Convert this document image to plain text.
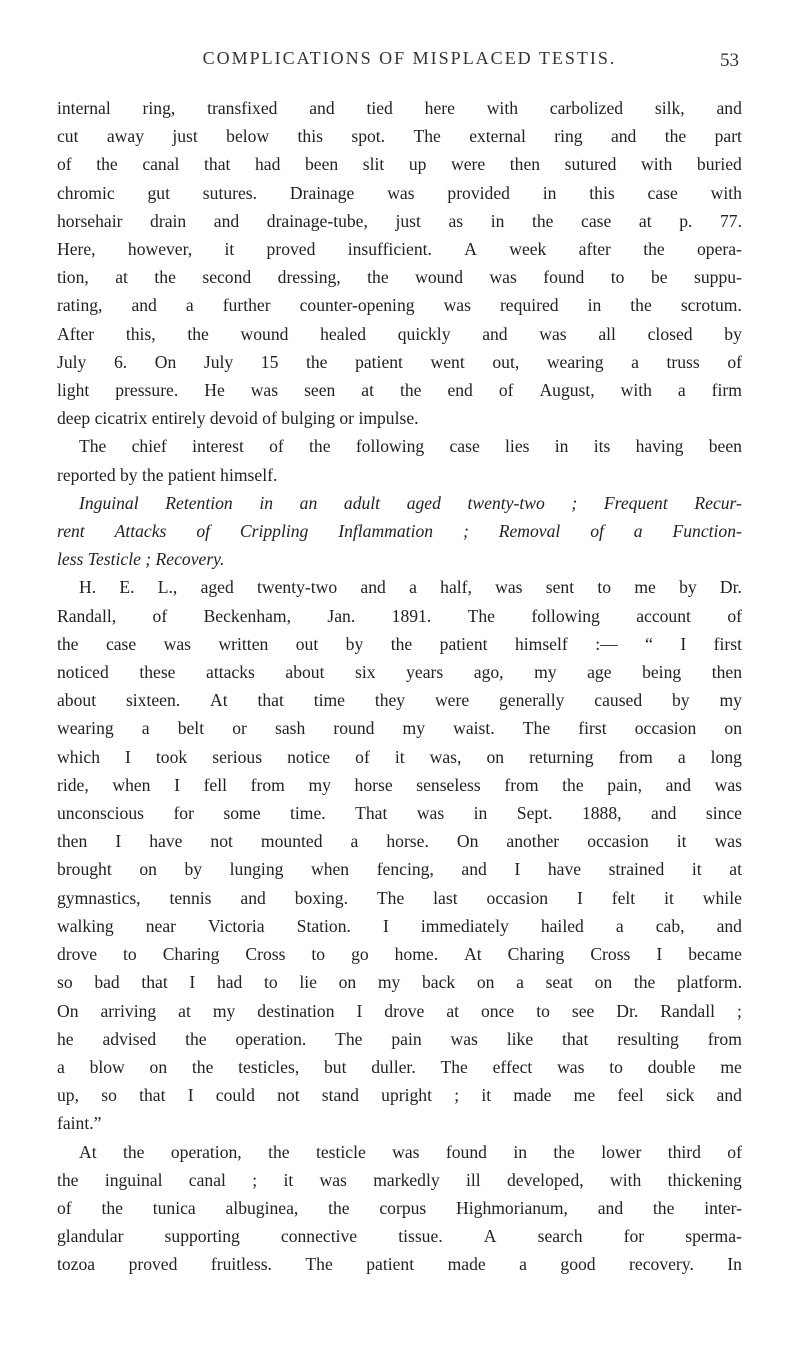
COMPLICATIONS OF MISPLACED TESTIS.	53
internal ring, transfixed and tied here with carbolized silk, and
cut away just below this spot. The external ring and the part
of the canal that had been slit up were then sutured with buried
chromic gut sutures. Drainage was provided in this case with
horsehair drain and drainage-tube, just as in the case at p. 77.
Here, however, it proved insufficient. A week after the opera-
tion, at the second dressing, the wound was found to be suppu-
rating, and a further counter-opening was required in the scrotum.
After this, the wound healed quickly and was all closed by
July 6. On July 15 the patient went out, wearing a truss of
light pressure. He was seen at the end of August, with a firm
deep cicatrix entirely devoid of bulging or impulse.
The chief interest of the following case lies in its having been
reported by the patient himself.
Inguinal Retention in an adult aged twenty-two ; Frequent Recur-
rent Attacks of Crippling Inflammation ; Removal of a Function-
less Testicle ; Recovery.
H. E. L., aged twenty-two and a half, was sent to me by Dr.
Randall, of Beckenham, Jan. 1891. The following account of
the case was written out by the patient himself :— “ I first
noticed these attacks about six years ago, my age being then
about sixteen. At that time they were generally caused by my
wearing a belt or sash round my waist. The first occasion on
which I took serious notice of it was, on returning from a long
ride, when I fell from my horse senseless from the pain, and was
unconscious for some time. That was in Sept. 1888, and since
then I have not mounted a horse. On another occasion it was
brought on by lunging when fencing, and I have strained it at
gymnastics, tennis and boxing. The last occasion I felt it while
walking near Victoria Station. I immediately hailed a cab, and
drove to Charing Cross to go home. At Charing Cross I became
so bad that I had to lie on my back on a seat on the platform.
On arriving at my destination I drove at once to see Dr. Randall ;
he advised the operation. The pain was like that resulting from
a blow on the testicles, but duller. The effect was to double me
up, so that I could not stand upright ; it made me feel sick and
faint.”
At the operation, the testicle was found in the lower third of
the inguinal canal ; it was markedly ill developed, with thickening
of the tunica albuginea, the corpus Highmorianum, and the inter-
glandular supporting connective tissue. A search for sperma-
tozoa proved fruitless. The patient made a good recovery. In
